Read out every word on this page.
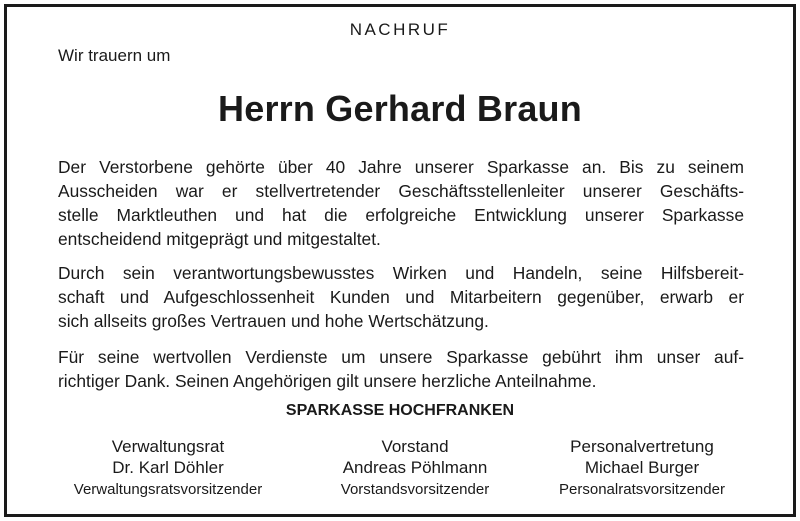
NACHRUF
Wir trauern um
Herrn Gerhard Braun
Der Verstorbene gehörte über 40 Jahre unserer Sparkasse an. Bis zu seinem
Ausscheiden war er stellvertretender Geschäftsstellenleiter unserer Geschäfts-
stelle Marktleuthen und hat die erfolgreiche Entwicklung unserer Sparkasse
entscheidend mitgeprägt und mitgestaltet.
Durch sein verantwortungsbewusstes Wirken und Handeln, seine Hilfsbereit-
schaft und Aufgeschlossenheit Kunden und Mitarbeitern gegenüber, erwarb er
sich allseits großes Vertrauen und hohe Wertschätzung.
Für seine wertvollen Verdienste um unsere Sparkasse gebührt ihm unser auf-
richtiger Dank. Seinen Angehörigen gilt unsere herzliche Anteilnahme.
SPARKASSE HOCHFRANKEN
Verwaltungsrat
Dr. Karl Döhler
Verwaltungsratsvorsitzender
Vorstand
Andreas Pöhlmann
Vorstandsvorsitzender
Personalvertretung
Michael Burger
Personalratsvorsitzender
